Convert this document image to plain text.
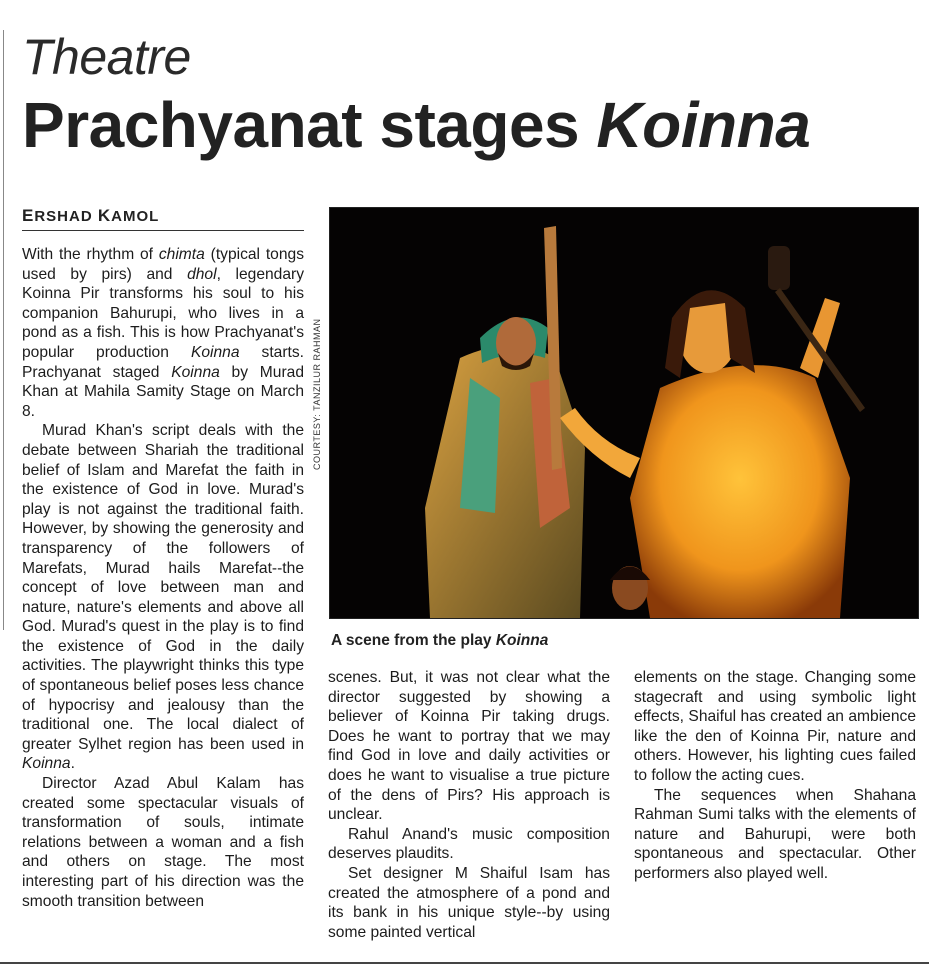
Theatre
Prachyanat stages Koinna
ERSHAD KAMOL

With the rhythm of chimta (typical tongs used by pirs) and dhol, legendary Koinna Pir transforms his soul to his companion Bahurupi, who lives in a pond as a fish. This is how Prachyanat's popular production Koinna starts. Prachyanat staged Koinna by Murad Khan at Mahila Samity Stage on March 8.

Murad Khan's script deals with the debate between Shariah the traditional belief of Islam and Marefat the faith in the existence of God in love. Murad's play is not against the traditional faith. However, by showing the generosity and transparency of the followers of Marefats, Murad hails Marefat--the concept of love between man and nature, nature's elements and above all God. Murad's quest in the play is to find the existence of God in the daily activities. The playwright thinks this type of spontaneous belief poses less chance of hypocrisy and jealousy than the traditional one. The local dialect of greater Sylhet region has been used in Koinna.

Director Azad Abul Kalam has created some spectacular visuals of transformation of souls, intimate relations between a woman and a fish and others on stage. The most interesting part of his direction was the smooth transition between

COURTESY: TANZILUR RAHMAN
A scene from the play Koinna

scenes. But, it was not clear what the director suggested by showing a believer of Koinna Pir taking drugs. Does he want to portray that we may find God in love and daily activities or does he want to visualise a true picture of the dens of Pirs? His approach is unclear.

Rahul Anand's music composition deserves plaudits.

Set designer M Shaiful Isam has created the atmosphere of a pond and its bank in his unique style--by using some painted vertical

elements on the stage. Changing some stagecraft and using symbolic light effects, Shaiful has created an ambience like the den of Koinna Pir, nature and others. However, his lighting cues failed to follow the acting cues.

The sequences when Shahana Rahman Sumi talks with the elements of nature and Bahurupi, were both spontaneous and spectacular. Other performers also played well.
